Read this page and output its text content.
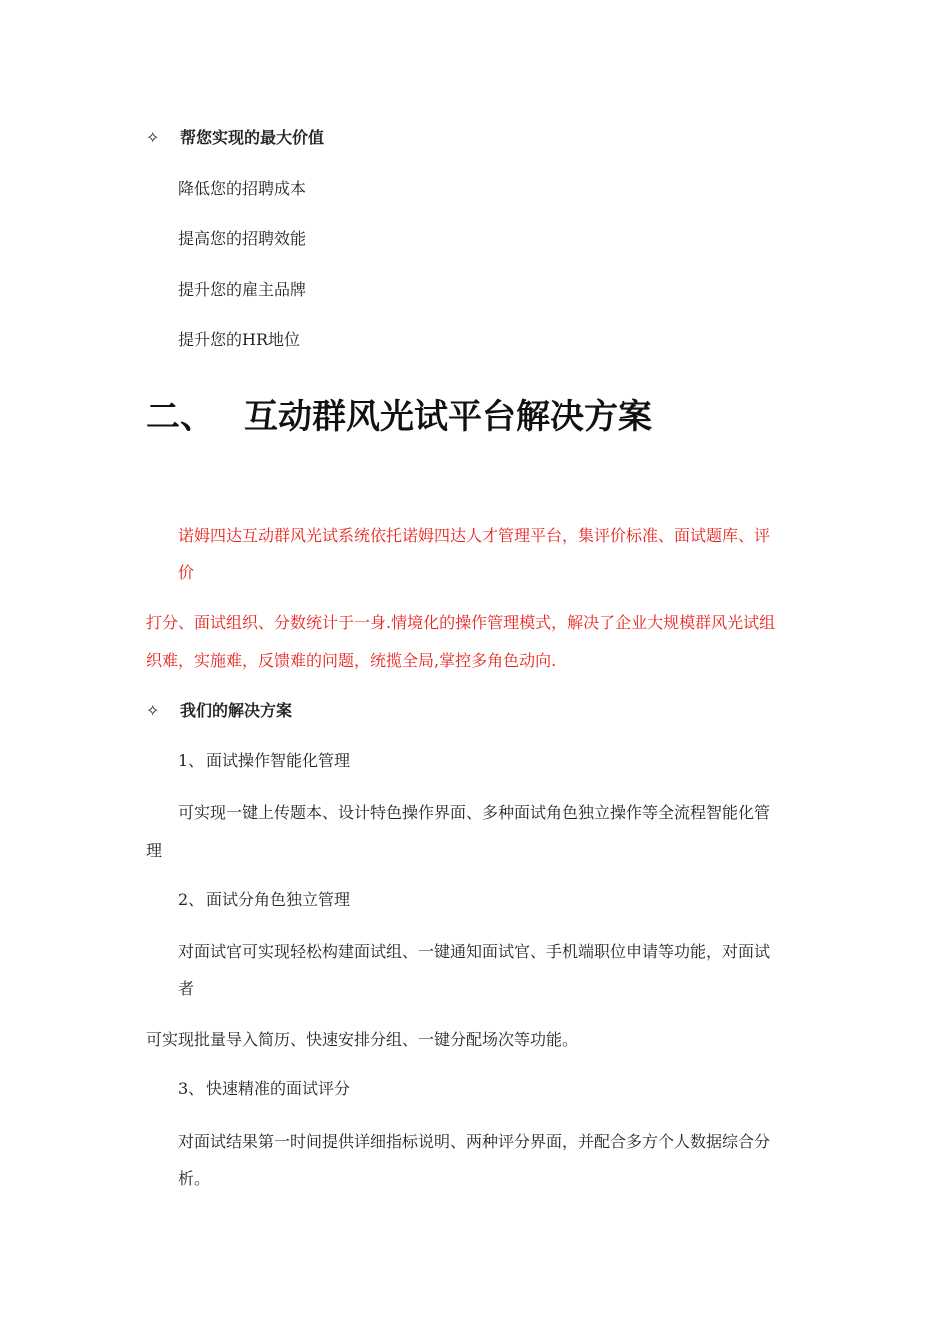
✧ 帮您实现的最大价值
降低您的招聘成本
提高您的招聘效能
提升您的雇主品牌
提升您的HR地位
二、 互动群风光试平台解决方案
诺姆四达互动群风光试系统依托诺姆四达人才管理平台，集评价标准、面试题库、评
价
打分、面试组织、分数统计于一身.情境化的操作管理模式，解决了企业大规模群风光试组
织难，实施难，反馈难的问题，统揽全局,掌控多角色动向.
✧ 我们的解决方案
1、 面试操作智能化管理
可实现一键上传题本、设计特色操作界面、多种面试角色独立操作等全流程智能化管
理
2、 面试分角色独立管理
对面试官可实现轻松构建面试组、一键通知面试官、手机端职位申请等功能，对面试
者
可实现批量导入简历、快速安排分组、一键分配场次等功能。
3、 快速精准的面试评分
对面试结果第一时间提供详细指标说明、两种评分界面，并配合多方个人数据综合分
析。
